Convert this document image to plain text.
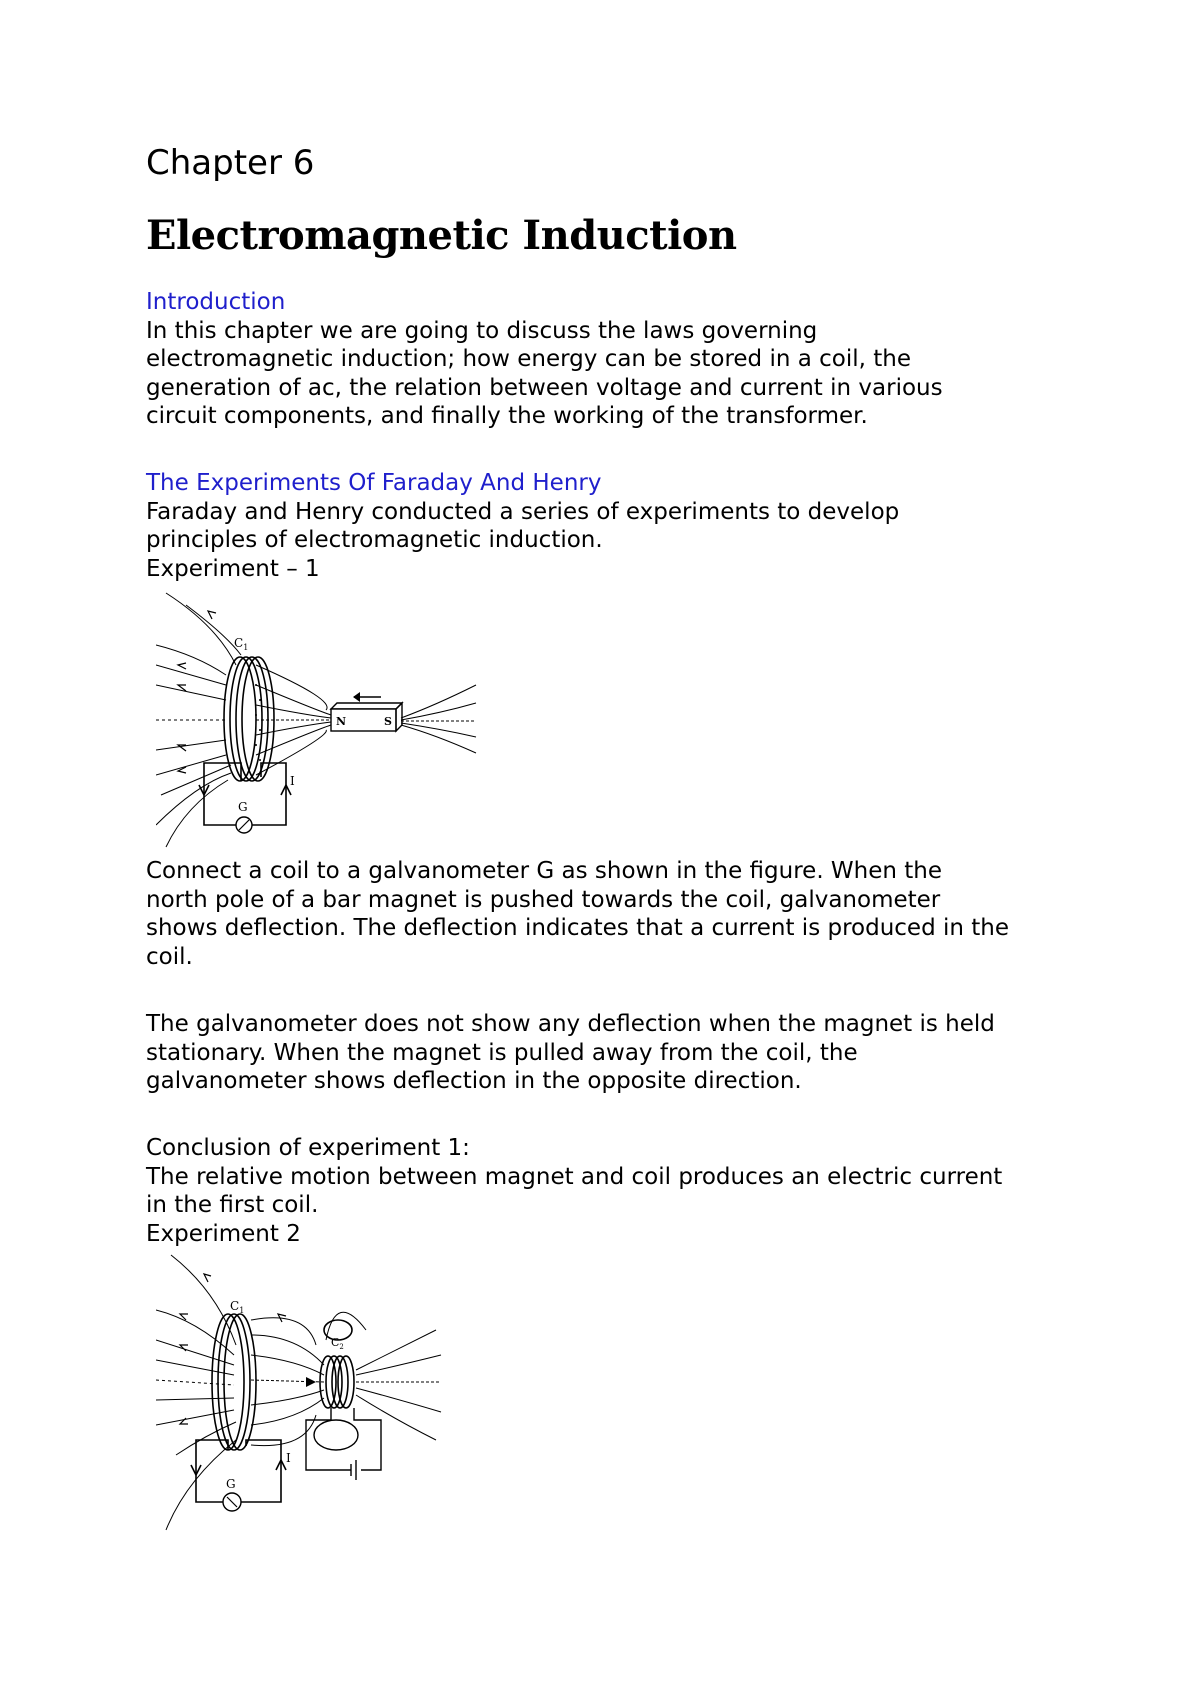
Chapter 6
Electromagnetic Induction
Introduction
In this chapter we are going to discuss the laws governing
electromagnetic induction; how energy can be stored in a coil, the
generation of ac, the relation between voltage and current in various
circuit components, and finally the working of the transformer.
The Experiments Of Faraday And Henry
Faraday and Henry conducted a series of experiments to develop
principles of electromagnetic induction.
Experiment – 1
$C_1$
N	S
I
G
Connect a coil to a galvanometer G as shown in the figure. When the
north pole of a bar magnet is pushed towards the coil, galvanometer
shows deflection. The deflection indicates that a current is produced in the
coil.
The galvanometer does not show any deflection when the magnet is held
stationary. When the magnet is pulled away from the coil, the
galvanometer shows deflection in the opposite direction.
Conclusion of experiment 1:
The relative motion between magnet and coil produces an electric current
in the first coil.
Experiment 2
$C_1$
$C_2$
I
G
